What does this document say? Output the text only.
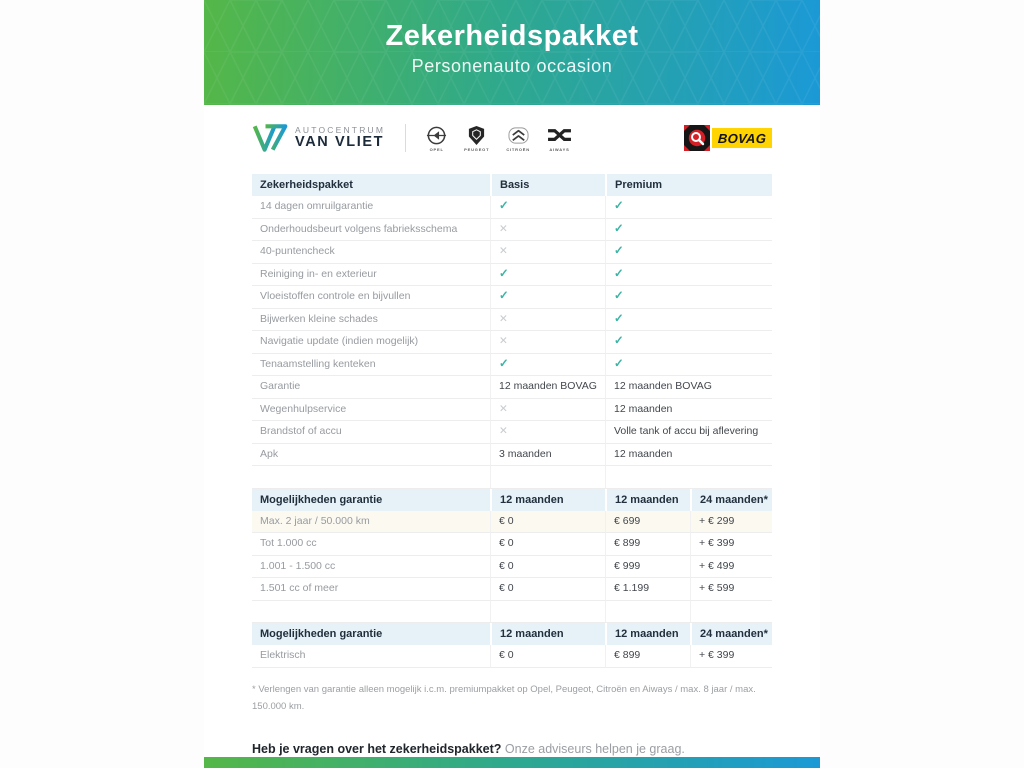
Zekerheidspakket
Personenauto occasion
AUTOCENTRUM
VAN VLIET	OPEL	PEUGEOT	CITROËN	AIWAYS
BOVAG
Zekerheidspakket	Basis	Premium
14 dagen omruilgarantie	✓	✓
Onderhoudsbeurt volgens fabrieksschema	✕	✓
40-puntencheck	✕	✓
Reiniging in- en exterieur	✓	✓
Vloeistoffen controle en bijvullen	✓	✓
Bijwerken kleine schades	✕	✓
Navigatie update (indien mogelijk)	✕	✓
Tenaamstelling kenteken	✓	✓
Garantie	12 maanden BOVAG	12 maanden BOVAG
Wegenhulpservice	✕	12 maanden
Brandstof of accu	✕	Volle tank of accu bij aflevering
Apk	3 maanden	12 maanden
Mogelijkheden garantie	12 maanden	12 maanden	24 maanden*
Max. 2 jaar / 50.000 km	€ 0	€ 699	+ € 299
Tot 1.000 cc	€ 0	€ 899	+ € 399
1.001 - 1.500 cc	€ 0	€ 999	+ € 499
1.501 cc of meer	€ 0	€ 1.199	+ € 599
Mogelijkheden garantie	12 maanden	12 maanden	24 maanden*
Elektrisch	€ 0	€ 899	+ € 399
* Verlengen van garantie alleen mogelijk i.c.m. premiumpakket op Opel, Peugeot, Citroën en Aiways / max. 8 jaar / max. 150.000 km.
Heb je vragen over het zekerheidspakket? Onze adviseurs helpen je graag.
